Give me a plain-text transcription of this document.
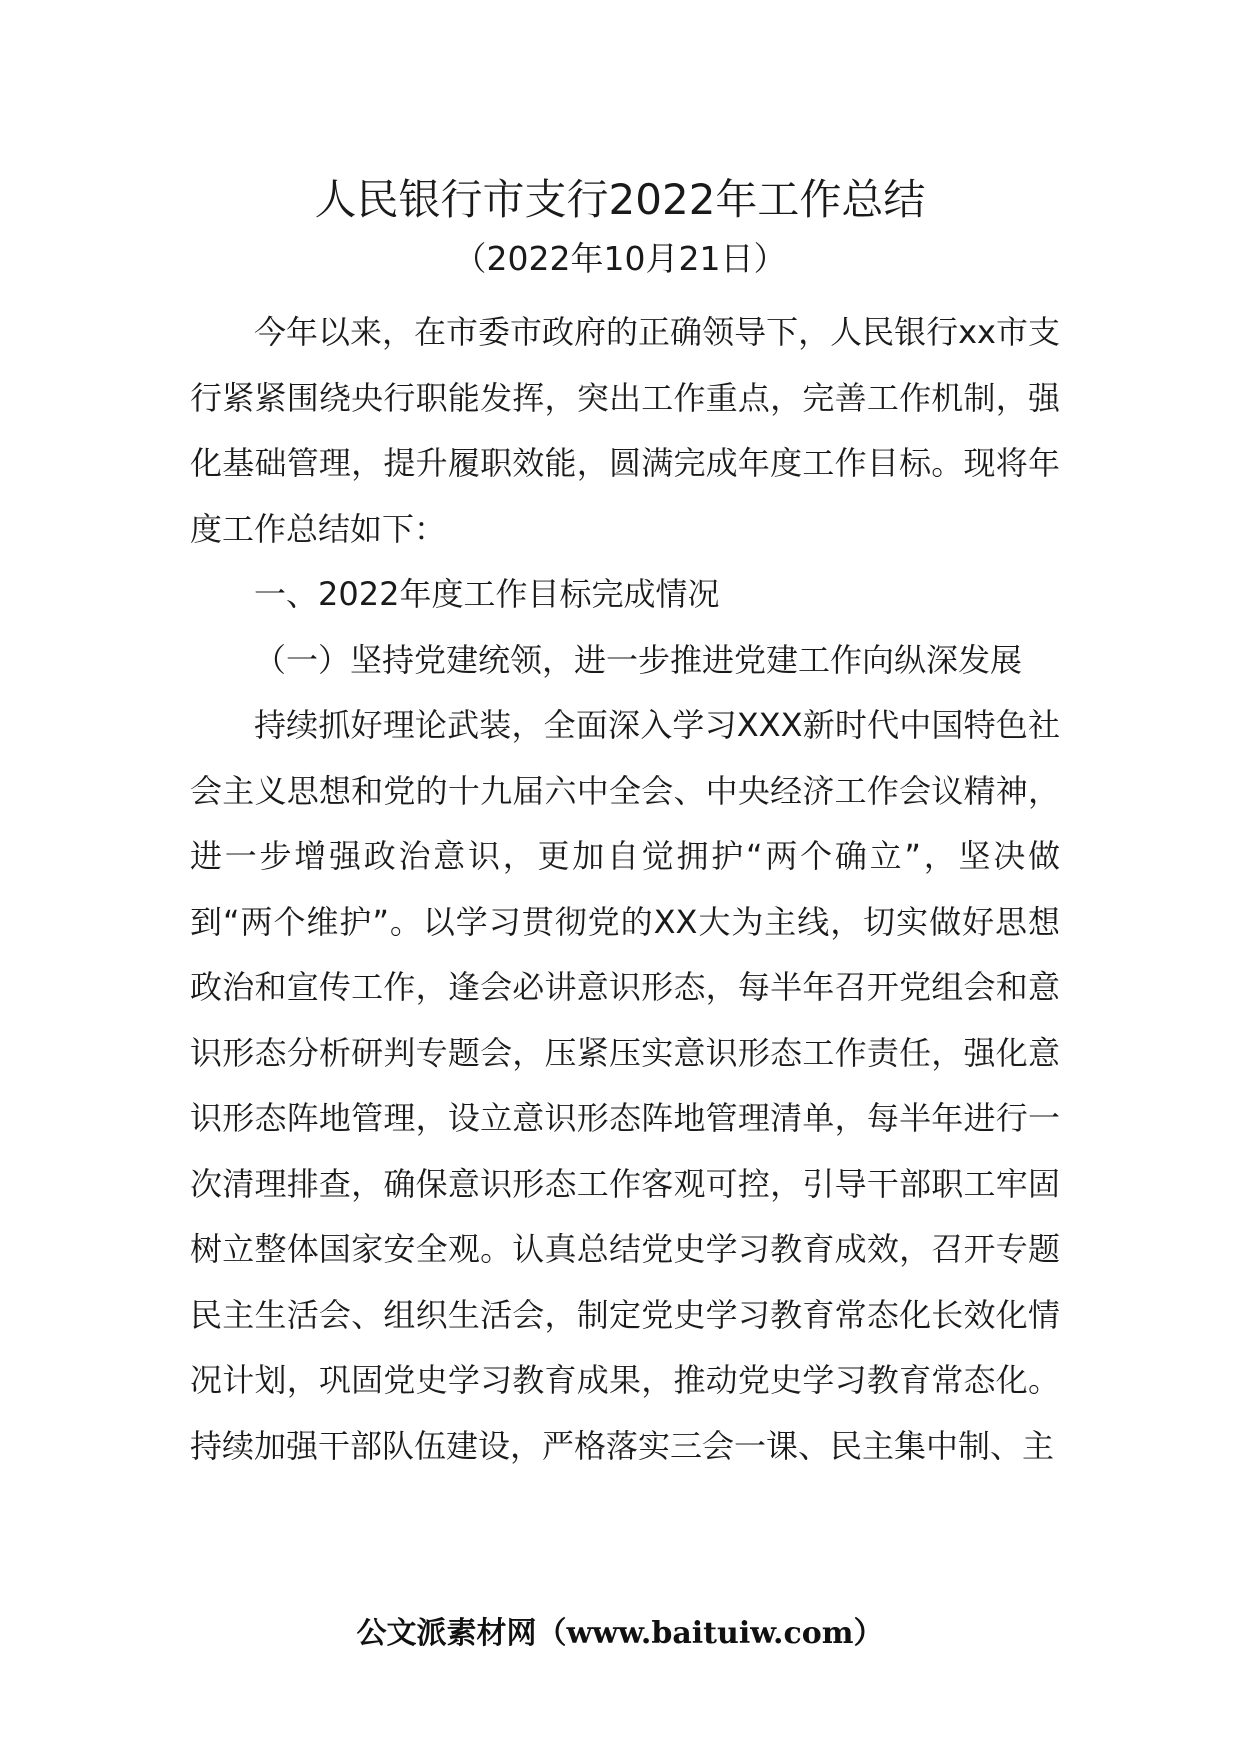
人民银行市支行2022年工作总结
（2022年10月21日）

今年以来，在市委市政府的正确领导下，人民银行xx市支行紧紧围绕央行职能发挥，突出工作重点，完善工作机制，强化基础管理，提升履职效能，圆满完成年度工作目标。现将年度工作总结如下：

一、2022年度工作目标完成情况

（一）坚持党建统领，进一步推进党建工作向纵深发展

持续抓好理论武装，全面深入学习XXX新时代中国特色社会主义思想和党的十九届六中全会、中央经济工作会议精神，进一步增强政治意识，更加自觉拥护“两个确立”，坚决做到“两个维护”。以学习贯彻党的XX大为主线，切实做好思想政治和宣传工作，逢会必讲意识形态，每半年召开党组会和意识形态分析研判专题会，压紧压实意识形态工作责任，强化意识形态阵地管理，设立意识形态阵地管理清单，每半年进行一次清理排查，确保意识形态工作客观可控，引导干部职工牢固树立整体国家安全观。认真总结党史学习教育成效，召开专题民主生活会、组织生活会，制定党史学习教育常态化长效化情况计划，巩固党史学习教育成果，推动党史学习教育常态化。持续加强干部队伍建设，严格落实三会一课、民主集中制、主

公文派素材网（www.baituiw.com）
